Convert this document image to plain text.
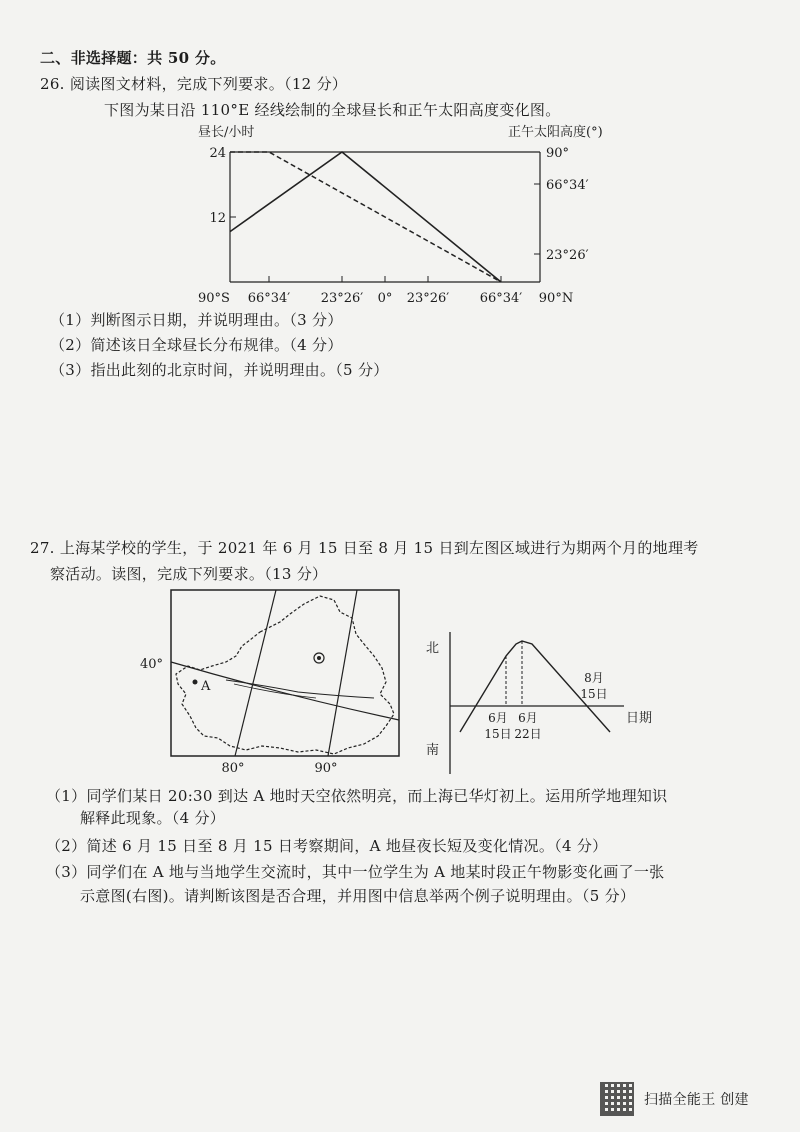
二、非选择题：共 50 分。
26. 阅读图文材料，完成下列要求。（12 分）
下图为某日沿 110°E 经线绘制的全球昼长和正午太阳高度变化图。
昼长/小时	正午太阳高度(°)
24
12
90°
66°34′
23°26′
90°S 66°34′ 23°26′ 0° 23°26′ 66°34′ 90°N
（1）判断图示日期，并说明理由。（3 分）
（2）简述该日全球昼长分布规律。（4 分）
（3）指出此刻的北京时间，并说明理由。（5 分）
27. 上海某学校的学生，于 2021 年 6 月 15 日至 8 月 15 日到左图区域进行为期两个月的地理考
察活动。读图，完成下列要求。（13 分）
A
40°
80°	90°
北
南
日期
6月
15日
6月
22日
8月
15日
（1）同学们某日 20:30 到达 A 地时天空依然明亮，而上海已华灯初上。运用所学地理知识
解释此现象。（4 分）
（2）简述 6 月 15 日至 8 月 15 日考察期间，A 地昼夜长短及变化情况。（4 分）
（3）同学们在 A 地与当地学生交流时，其中一位学生为 A 地某时段正午物影变化画了一张
示意图(右图)。请判断该图是否合理，并用图中信息举两个例子说明理由。（5 分）
扫描全能王 创建
